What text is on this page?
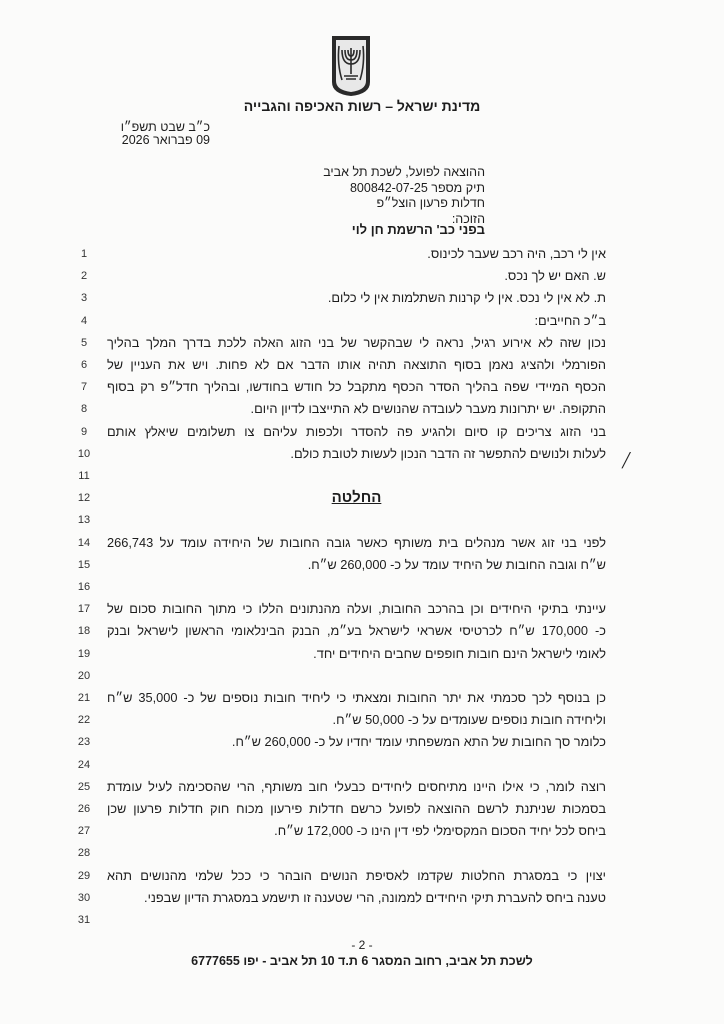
מדינת ישראל – רשות האכיפה והגבייה
כ״ב שבט תשפ״ו
09 פברואר 2026
ההוצאה לפועל, לשכת תל אביב
תיק מספר 800842-07-25
חדלות פרעון הוצל״פ
הזוכה:
בפני כב' הרשמת חן לוי
1	אין לי רכב, היה רכב שעבר לכינוס.
2	ש. האם יש לך נכס.
3	ת. לא אין לי נכס. אין לי קרנות השתלמות אין לי כלום.
4	ב״כ החייבים:
5	נכון שזה לא אירוע רגיל, נראה לי שבהקשר של בני הזוג האלה ללכת בדרך המלך בהליך
6	הפורמלי ולהציג נאמן בסוף התוצאה תהיה אותו הדבר אם לא פחות. ויש את העניין של
7	הכסף המיידי שפה בהליך הסדר הכסף מתקבל כל חודש בחודשו, ובהליך חדל״פ רק בסוף
8	התקופה. יש יתרונות מעבר לעובדה שהנושים לא התייצבו לדיון היום.
9	בני הזוג צריכים קו סיום ולהגיע פה להסדר ולכפות עליהם צו תשלומים שיאלץ אותם
10	לעלות ולנושים להתפשר זה הדבר הנכון לעשות לטובת כולם.
11
12	החלטה
13
14	לפני בני זוג אשר מנהלים בית משותף כאשר גובה החובות של היחידה עומד על 266,743
15	ש״ח וגובה החובות של היחיד עומד על כ- 260,000 ש״ח.
16
17	עיינתי בתיקי היחידים וכן בהרכב החובות, ועלה מהנתונים הללו כי מתוך החובות סכום של
18	כ- 170,000 ש״ח לכרטיסי אשראי לישראל בע״מ, הבנק הבינלאומי הראשון לישראל ובנק
19	לאומי לישראל הינם חובות חופפים שחבים היחידים יחד.
20
21	כן בנוסף לכך סכמתי את יתר החובות ומצאתי כי ליחיד חובות נוספים של כ- 35,000 ש״ח
22	וליחידה חובות נוספים שעומדים על כ- 50,000 ש״ח.
23	כלומר סך החובות של התא המשפחתי עומד יחדיו על כ- 260,000 ש״ח.
24
25	רוצה לומר, כי אילו היינו מתיחסים ליחידים כבעלי חוב משותף, הרי שהסכימה לעיל עומדת
26	בסמכות שניתנת לרשם ההוצאה לפועל כרשם חדלות פירעון מכוח חוק חדלות פרעון שכן
27	ביחס לכל יחיד הסכום המקסימלי לפי דין הינו כ- 172,000 ש״ח.
28
29	יצוין כי במסגרת החלטות שקדמו לאסיפת הנושים הובהר כי ככל שלמי מהנושים תהא
30	טענה ביחס להעברת תיקי היחידים לממונה, הרי שטענה זו תישמע במסגרת הדיון שבפני.
31
╱
- 2 -
לשכת תל אביב, רחוב המסגר 6 ת.ד 10 תל אביב - יפו 6777655
